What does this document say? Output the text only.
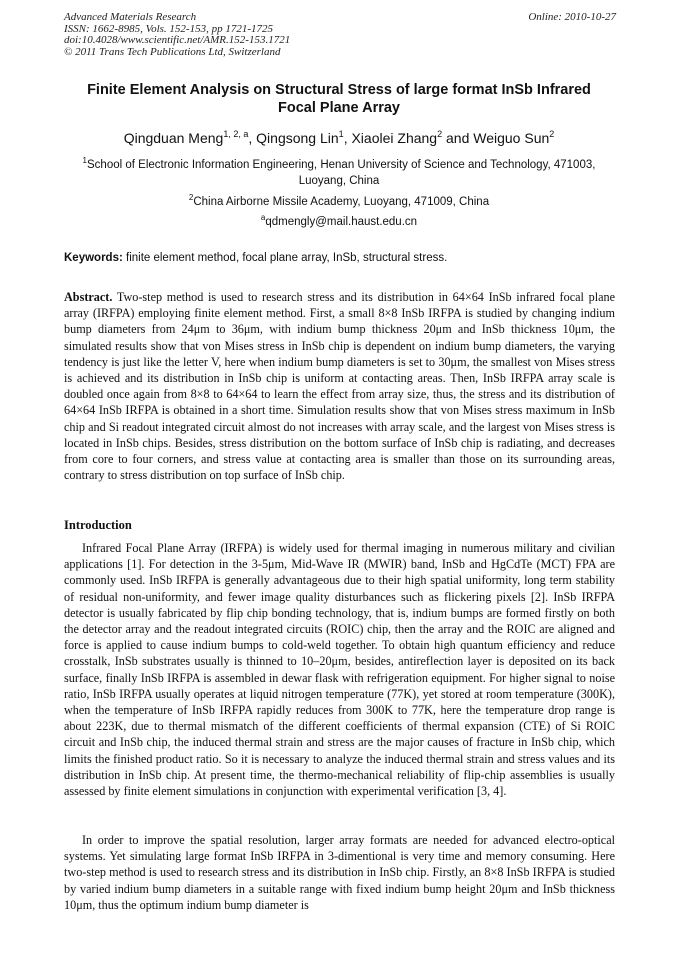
Advanced Materials Research
ISSN: 1662-8985, Vols. 152-153, pp 1721-1725
doi:10.4028/www.scientific.net/AMR.152-153.1721
© 2011 Trans Tech Publications Ltd, Switzerland
Online: 2010-10-27
Finite Element Analysis on Structural Stress of large format InSb Infrared Focal Plane Array
Qingduan Meng$^{1, 2, a}$, Qingsong Lin$^1$, Xiaolei Zhang$^2$ and Weiguo Sun$^2$
$^1$School of Electronic Information Engineering, Henan University of Science and Technology, 471003, Luoyang, China
$^2$China Airborne Missile Academy, Luoyang, 471009, China
$^a$qdmengly@mail.haust.edu.cn
Keywords: finite element method, focal plane array, InSb, structural stress.
Abstract. Two-step method is used to research stress and its distribution in 64×64 InSb infrared focal plane array (IRFPA) employing finite element method. First, a small 8×8 InSb IRFPA is studied by changing indium bump diameters from 24μm to 36μm, with indium bump thickness 20μm and InSb thickness 10μm, the simulated results show that von Mises stress in InSb chip is dependent on indium bump diameters, the varying tendency is just like the letter V, here when indium bump diameters is set to 30μm, the smallest von Mises stress is achieved and its distribution in InSb chip is uniform at contacting areas. Then, InSb IRFPA array scale is doubled once again from 8×8 to 64×64 to learn the effect from array size, thus, the stress and its distribution of 64×64 InSb IRFPA is obtained in a short time. Simulation results show that von Mises stress maximum in InSb chip and Si readout integrated circuit almost do not increases with array scale, and the largest von Mises stress is located in InSb chips. Besides, stress distribution on the bottom surface of InSb chip is radiating, and decreases from core to four corners, and stress value at contacting area is smaller than those on its surrounding areas, contrary to stress distribution on top surface of InSb chip.
Introduction
Infrared Focal Plane Array (IRFPA) is widely used for thermal imaging in numerous military and civilian applications [1]. For detection in the 3-5μm, Mid-Wave IR (MWIR) band, InSb and HgCdTe (MCT) FPA are commonly used. InSb IRFPA is generally advantageous due to their high spatial uniformity, long term stability of residual non-uniformity, and fewer image quality disturbances such as flickering pixels [2]. InSb IRFPA detector is usually fabricated by flip chip bonding technology, that is, indium bumps are formed firstly on both the detector array and the readout integrated circuits (ROIC) chip, then the array and the ROIC are aligned and force is applied to cause indium bumps to cold-weld together. To obtain high quantum efficiency and reduce crosstalk, InSb substrates usually is thinned to 10–20μm, besides, antireflection layer is deposited on its back surface, finally InSb IRFPA is assembled in dewar flask with refrigeration equipment. For higher signal to noise ratio, InSb IRFPA usually operates at liquid nitrogen temperature (77K), yet stored at room temperature (300K), when the temperature of InSb IRFPA rapidly reduces from 300K to 77K, here the temperature drop range is about 223K, due to thermal mismatch of the different coefficients of thermal expansion (CTE) of Si ROIC circuit and InSb chip, the induced thermal strain and stress are the major causes of fracture in InSb chip, which limits the finished product ratio. So it is necessary to analyze the induced thermal strain and stress values and its distribution in InSb chip. At present time, the thermo-mechanical reliability of flip-chip assemblies is usually assessed by finite element simulations in conjunction with experimental verification [3, 4].
In order to improve the spatial resolution, larger array formats are needed for advanced electro-optical systems. Yet simulating large format InSb IRFPA in 3-dimentional is very time and memory consuming. Here two-step method is used to research stress and its distribution in InSb chip. Firstly, an 8×8 InSb IRFPA is studied by varied indium bump diameters in a suitable range with fixed indium bump height 20μm and InSb thickness 10μm, thus the optimum indium bump diameter is
